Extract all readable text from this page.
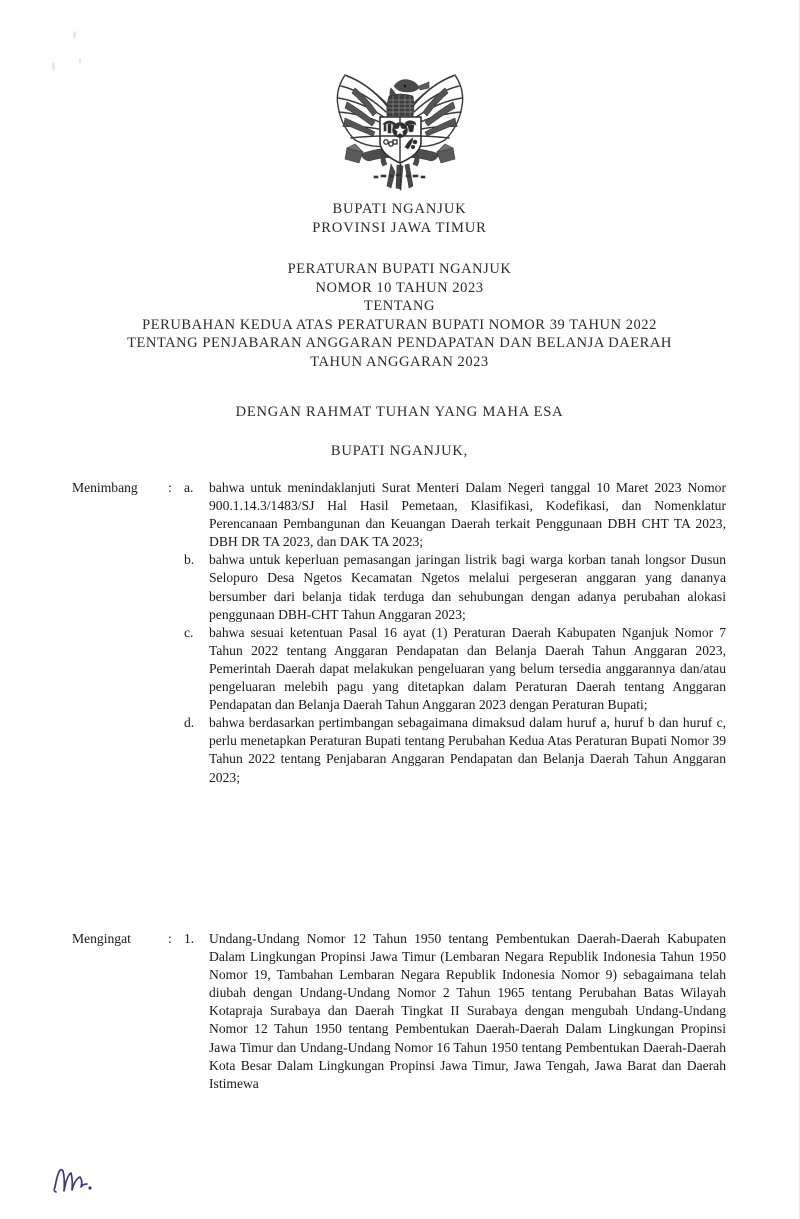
BUPATI NGANJUK
PROVINSI JAWA TIMUR
PERATURAN BUPATI NGANJUK
NOMOR 10 TAHUN 2023
TENTANG
PERUBAHAN KEDUA ATAS PERATURAN BUPATI NOMOR 39 TAHUN 2022
TENTANG PENJABARAN ANGGARAN PENDAPATAN DAN BELANJA DAERAH
TAHUN ANGGARAN 2023
DENGAN RAHMAT TUHAN YANG MAHA ESA
BUPATI NGANJUK,
Menimbang	: a.	bahwa untuk menindaklanjuti Surat Menteri Dalam Negeri tanggal 10 Maret 2023 Nomor 900.1.14.3/1483/SJ Hal Hasil Pemetaan, Klasifikasi, Kodefikasi, dan Nomenklatur Perencanaan Pembangunan dan Keuangan Daerah terkait Penggunaan DBH CHT TA 2023, DBH DR TA 2023, dan DAK TA 2023;
b.	bahwa untuk keperluan pemasangan jaringan listrik bagi warga korban tanah longsor Dusun Selopuro Desa Ngetos Kecamatan Ngetos melalui pergeseran anggaran yang dananya bersumber dari belanja tidak terduga dan sehubungan dengan adanya perubahan alokasi penggunaan DBH-CHT Tahun Anggaran 2023;
c.	bahwa sesuai ketentuan Pasal 16 ayat (1) Peraturan Daerah Kabupaten Nganjuk Nomor 7 Tahun 2022 tentang Anggaran Pendapatan dan Belanja Daerah Tahun Anggaran 2023, Pemerintah Daerah dapat melakukan pengeluaran yang belum tersedia anggarannya dan/atau pengeluaran melebih pagu yang ditetapkan dalam Peraturan Daerah tentang Anggaran Pendapatan dan Belanja Daerah Tahun Anggaran 2023 dengan Peraturan Bupati;
d.	bahwa berdasarkan pertimbangan sebagaimana dimaksud dalam huruf a, huruf b dan huruf c, perlu menetapkan Peraturan Bupati tentang Perubahan Kedua Atas Peraturan Bupati Nomor 39 Tahun 2022 tentang Penjabaran Anggaran Pendapatan dan Belanja Daerah Tahun Anggaran 2023;
Mengingat	: 1.	Undang-Undang Nomor 12 Tahun 1950 tentang Pembentukan Daerah-Daerah Kabupaten Dalam Lingkungan Propinsi Jawa Timur (Lembaran Negara Republik Indonesia Tahun 1950 Nomor 19, Tambahan Lembaran Negara Republik Indonesia Nomor 9) sebagaimana telah diubah dengan Undang-Undang Nomor 2 Tahun 1965 tentang Perubahan Batas Wilayah Kotapraja Surabaya dan Daerah Tingkat II Surabaya dengan mengubah Undang-Undang Nomor 12 Tahun 1950 tentang Pembentukan Daerah-Daerah Dalam Lingkungan Propinsi Jawa Timur dan Undang-Undang Nomor 16 Tahun 1950 tentang Pembentukan Daerah-Daerah Kota Besar Dalam Lingkungan Propinsi Jawa Timur, Jawa Tengah, Jawa Barat dan Daerah Istimewa
